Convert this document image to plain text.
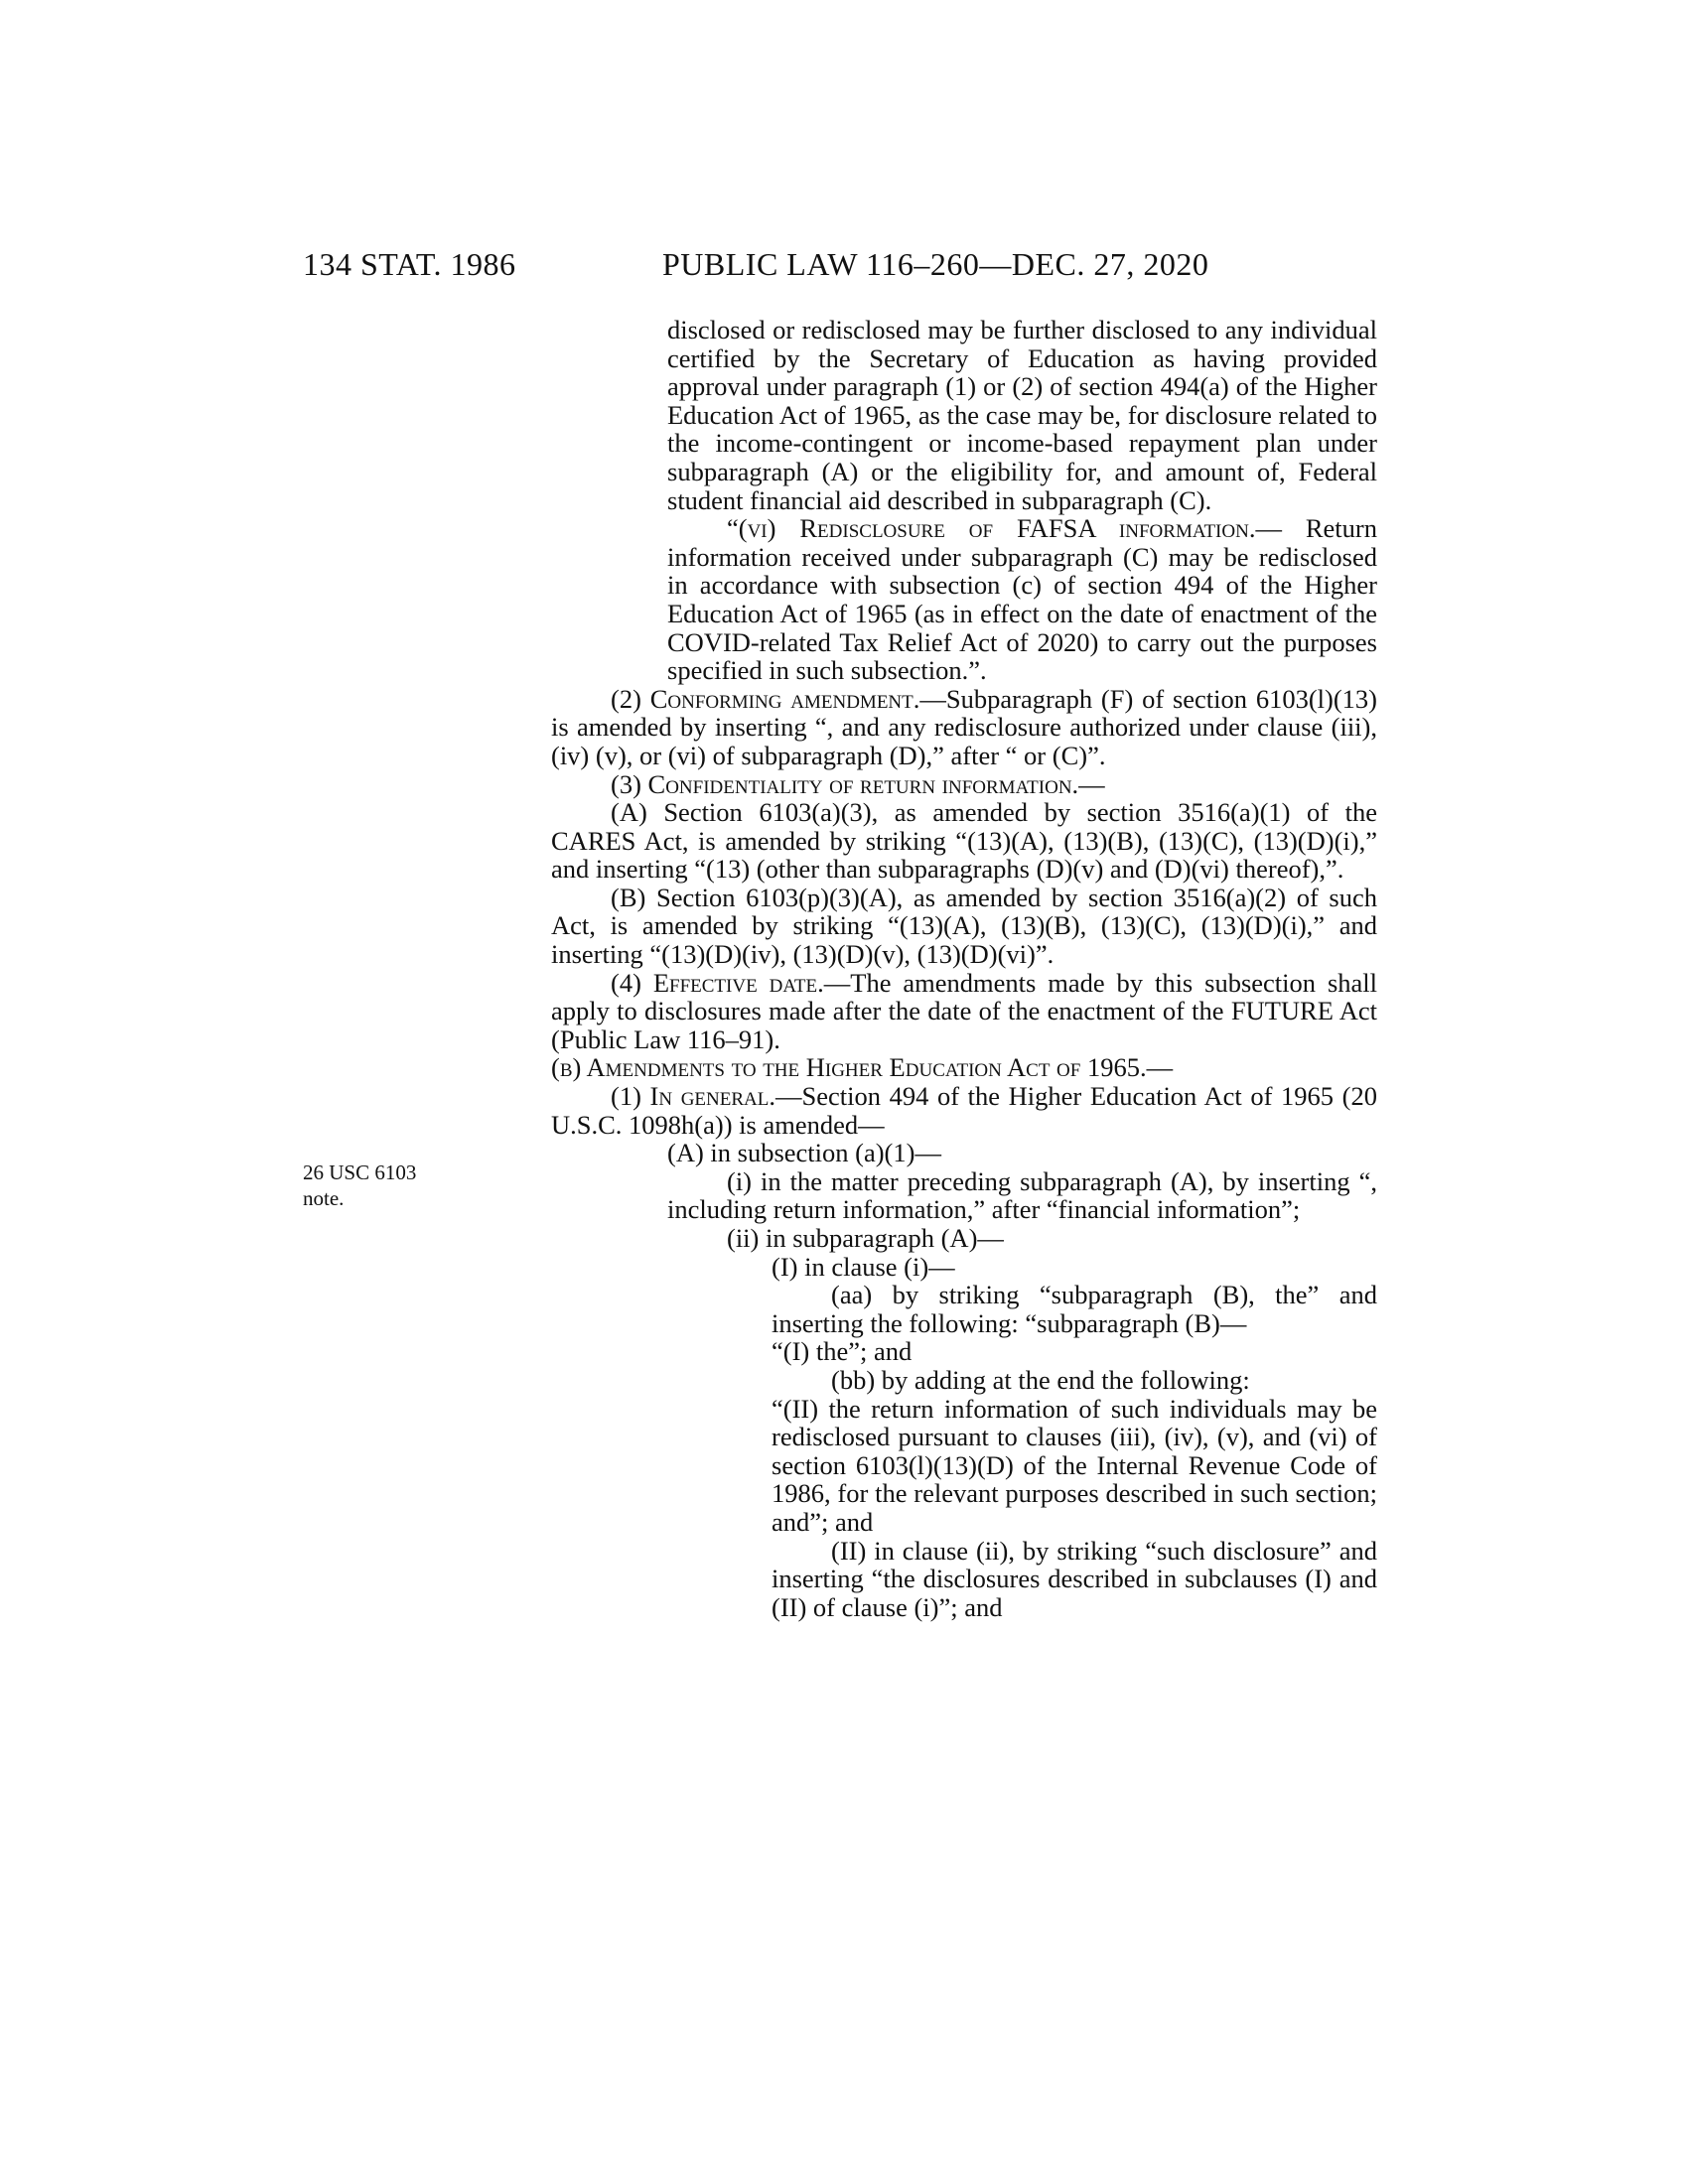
134 STAT. 1986	PUBLIC LAW 116–260—DEC. 27, 2020
26 USC 6103
note.

disclosed or redisclosed may be further disclosed to any individual certified by the Secretary of Education as having provided approval under paragraph (1) or (2) of section 494(a) of the Higher Education Act of 1965, as the case may be, for disclosure related to the income-contingent or income-based repayment plan under subparagraph (A) or the eligibility for, and amount of, Federal student financial aid described in subparagraph (C).

“(vi) Redisclosure of FAFSA information.— Return information received under subparagraph (C) may be redisclosed in accordance with subsection (c) of section 494 of the Higher Education Act of 1965 (as in effect on the date of enactment of the COVID-related Tax Relief Act of 2020) to carry out the purposes specified in such subsection.”.

(2) Conforming amendment.—Subparagraph (F) of section 6103(l)(13) is amended by inserting “, and any redisclosure authorized under clause (iii), (iv) (v), or (vi) of subparagraph (D),” after “ or (C)”.

(3) Confidentiality of return information.—

(A) Section 6103(a)(3), as amended by section 3516(a)(1) of the CARES Act, is amended by striking “(13)(A), (13)(B), (13)(C), (13)(D)(i),” and inserting “(13) (other than subparagraphs (D)(v) and (D)(vi) thereof),”.

(B) Section 6103(p)(3)(A), as amended by section 3516(a)(2) of such Act, is amended by striking “(13)(A), (13)(B), (13)(C), (13)(D)(i),” and inserting “(13)(D)(iv), (13)(D)(v), (13)(D)(vi)”.

(4) Effective date.—The amendments made by this subsection shall apply to disclosures made after the date of the enactment of the FUTURE Act (Public Law 116–91).

(b) Amendments to the Higher Education Act of 1965.—

(1) In general.—Section 494 of the Higher Education Act of 1965 (20 U.S.C. 1098h(a)) is amended—

(A) in subsection (a)(1)—

(i) in the matter preceding subparagraph (A), by inserting “, including return information,” after “financial information”;

(ii) in subparagraph (A)—

(I) in clause (i)—

(aa) by striking “subparagraph (B), the” and inserting the following: “subparagraph (B)—

“(I) the”; and

(bb) by adding at the end the following:

“(II) the return information of such individuals may be redisclosed pursuant to clauses (iii), (iv), (v), and (vi) of section 6103(l)(13)(D) of the Internal Revenue Code of 1986, for the relevant purposes described in such section; and”; and

(II) in clause (ii), by striking “such disclosure” and inserting “the disclosures described in subclauses (I) and (II) of clause (i)”; and
